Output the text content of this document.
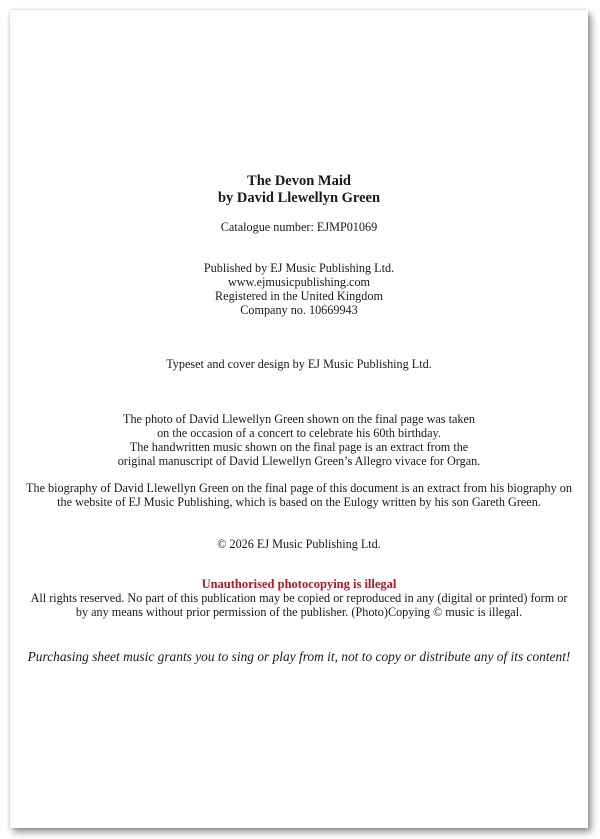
The Devon Maid
by David Llewellyn Green
Catalogue number: EJMP01069
Published by EJ Music Publishing Ltd.
www.ejmusicpublishing.com
Registered in the United Kingdom
Company no. 10669943
Typeset and cover design by EJ Music Publishing Ltd.
The photo of David Llewellyn Green shown on the final page was taken
on the occasion of a concert to celebrate his 60th birthday.
The handwritten music shown on the final page is an extract from the
original manuscript of David Llewellyn Green’s Allegro vivace for Organ.
The biography of David Llewellyn Green on the final page of this document is an extract from his biography on
the website of EJ Music Publishing, which is based on the Eulogy written by his son Gareth Green.
© 2026 EJ Music Publishing Ltd.
Unauthorised photocopying is illegal
All rights reserved. No part of this publication may be copied or reproduced in any (digital or printed) form or
by any means without prior permission of the publisher. (Photo)Copying © music is illegal.
Purchasing sheet music grants you to sing or play from it, not to copy or distribute any of its content!
